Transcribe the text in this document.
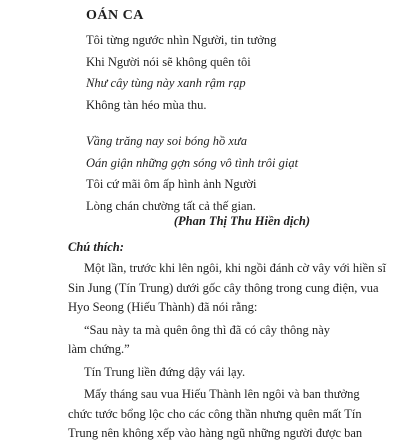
OÁN CA
Tôi từng ngước nhìn Người, tin tưởng
Khi Người nói sẽ không quên tôi
Như cây tùng này xanh rậm rạp
Không tàn héo mùa thu.
Vầng trăng nay soi bóng hồ xưa
Oán giận những gợn sóng vô tình trôi giạt
Tôi cứ mãi ôm ấp hình ảnh Người
Lòng chán chường tất cả thế gian.

(Phan Thị Thu Hiền dịch)

Chú thích:

Một lần, trước khi lên ngôi, khi ngồi đánh cờ vây với hiền sĩ
Sin Jung (Tín Trung) dưới gốc cây thông trong cung điện, vua
Hyo Seong (Hiếu Thành) đã nói rằng:

“Sau này ta mà quên ông thì đã có cây thông này làm chứng.”

Tín Trung liền đứng dậy vái lạy.

Mấy tháng sau vua Hiếu Thành lên ngôi và ban thưởng
chức tước bổng lộc cho các công thần nhưng quên mất Tín
Trung nên không xếp vào hàng ngũ những người được ban
